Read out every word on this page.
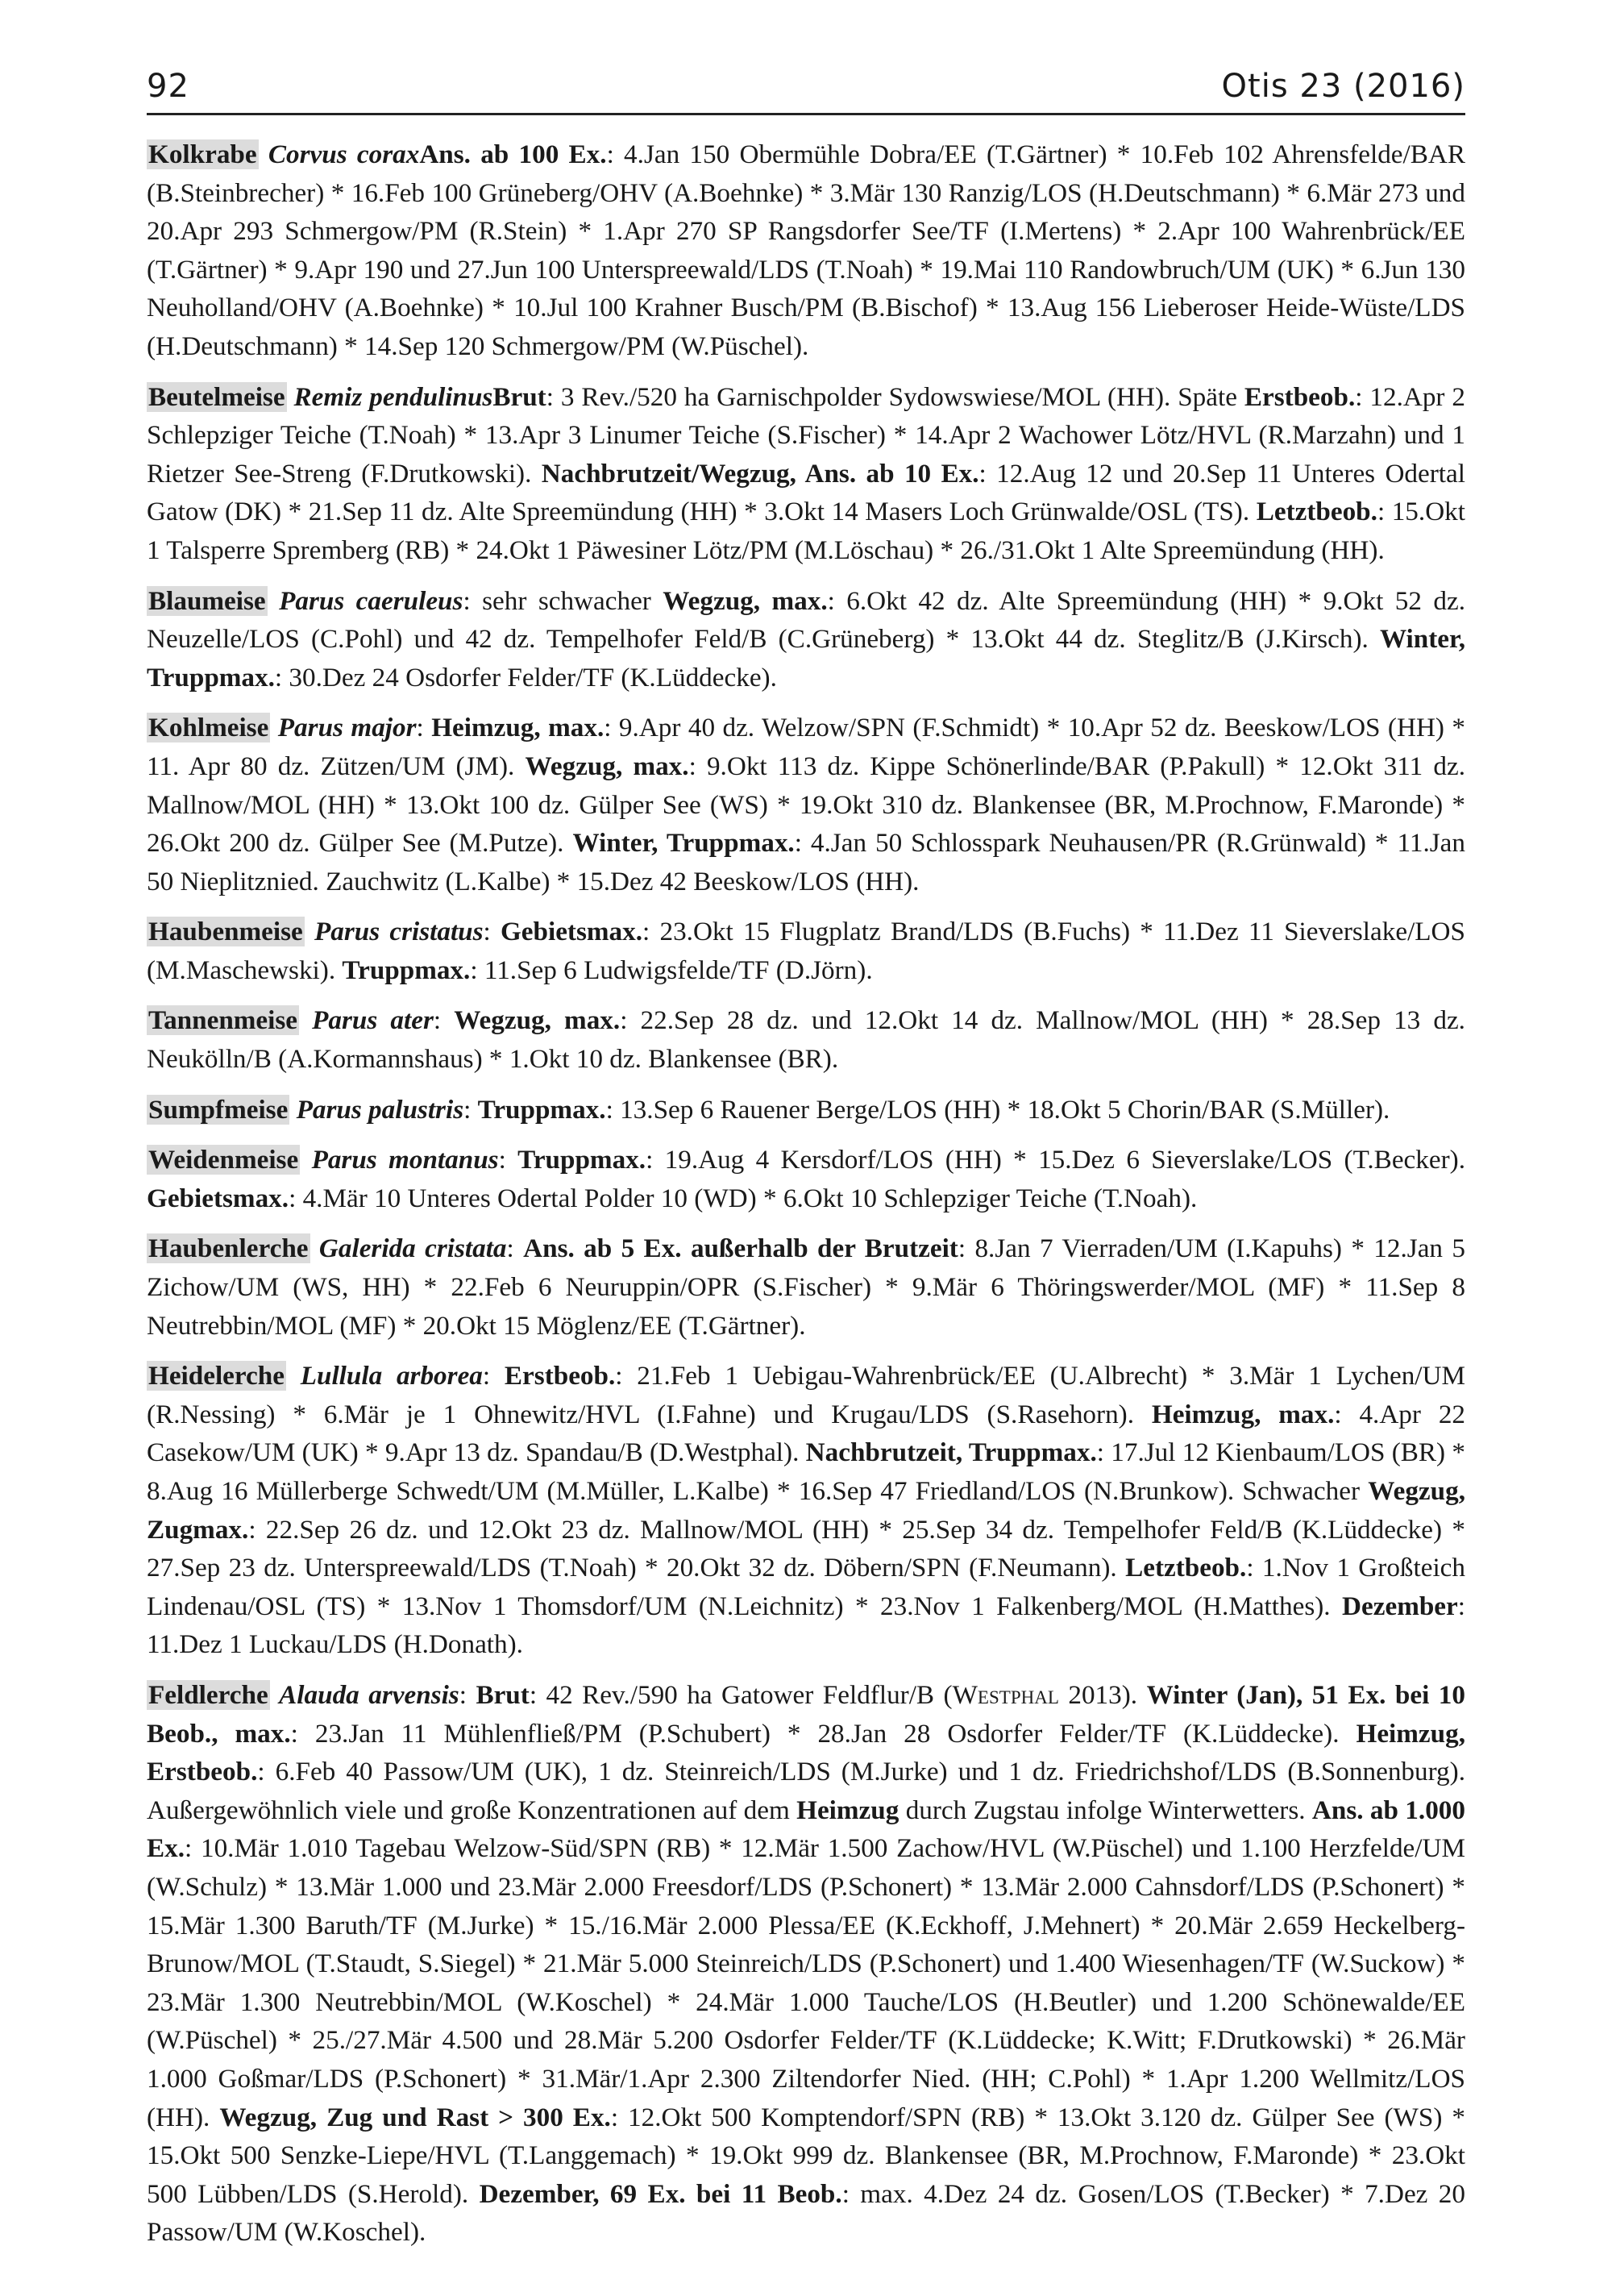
92	Otis 23 (2016)

Kolkrabe Corvus coraxAns. ab 100 Ex.: 4.Jan 150 Obermühle Dobra/EE (T.Gärtner) * 10.Feb 102 Ahrensfelde/BAR (B.Steinbrecher) * 16.Feb 100 Grüneberg/OHV (A.Boehnke) * 3.Mär 130 Ranzig/LOS (H.Deutschmann) * 6.Mär 273 und 20.Apr 293 Schmergow/PM (R.Stein) * 1.Apr 270 SP Rangsdorfer See/TF (I.Mertens) * 2.Apr 100 Wahrenbrück/EE (T.Gärtner) * 9.Apr 190 und 27.Jun 100 Unterspreewald/LDS (T.Noah) * 19.Mai 110 Randowbruch/UM (UK) * 6.Jun 130 Neuholland/OHV (A.Boehnke) * 10.Jul 100 Krahner Busch/PM (B.Bischof) * 13.Aug 156 Lieberoser Heide-Wüste/LDS (H.Deutschmann) * 14.Sep 120 Schmergow/PM (W.Püschel).

Beutelmeise Remiz pendulinusBrut: 3 Rev./520 ha Garnischpolder Sydowswiese/MOL (HH). Späte Erstbeob.: 12.Apr 2 Schlepziger Teiche (T.Noah) * 13.Apr 3 Linumer Teiche (S.Fischer) * 14.Apr 2 Wachower Lötz/HVL (R.Marzahn) und 1 Rietzer See-Streng (F.Drutkowski). Nachbrutzeit/Wegzug, Ans. ab 10 Ex.: 12.Aug 12 und 20.Sep 11 Unteres Odertal Gatow (DK) * 21.Sep 11 dz. Alte Spreemündung (HH) * 3.Okt 14 Masers Loch Grünwalde/OSL (TS). Letztbeob.: 15.Okt 1 Talsperre Spremberg (RB) * 24.Okt 1 Päwesiner Lötz/PM (M.Löschau) * 26./31.Okt 1 Alte Spreemündung (HH).

Blaumeise Parus caeruleus: sehr schwacher Wegzug, max.: 6.Okt 42 dz. Alte Spreemündung (HH) * 9.Okt 52 dz. Neuzelle/LOS (C.Pohl) und 42 dz. Tempelhofer Feld/B (C.Grüneberg) * 13.Okt 44 dz. Steglitz/B (J.Kirsch). Winter, Truppmax.: 30.Dez 24 Osdorfer Felder/TF (K.Lüddecke).

Kohlmeise Parus major: Heimzug, max.: 9.Apr 40 dz. Welzow/SPN (F.Schmidt) * 10.Apr 52 dz. Beeskow/LOS (HH) * 11. Apr 80 dz. Zützen/UM (JM). Wegzug, max.: 9.Okt 113 dz. Kippe Schönerlinde/BAR (P.Pakull) * 12.Okt 311 dz. Mallnow/MOL (HH) * 13.Okt 100 dz. Gülper See (WS) * 19.Okt 310 dz. Blankensee (BR, M.Prochnow, F.Maronde) * 26.Okt 200 dz. Gülper See (M.Putze). Winter, Truppmax.: 4.Jan 50 Schlosspark Neuhausen/PR (R.Grünwald) * 11.Jan 50 Nieplitznied. Zauchwitz (L.Kalbe) * 15.Dez 42 Beeskow/LOS (HH).

Haubenmeise Parus cristatus: Gebietsmax.: 23.Okt 15 Flugplatz Brand/LDS (B.Fuchs) * 11.Dez 11 Sieverslake/LOS (M.Maschewski). Truppmax.: 11.Sep 6 Ludwigsfelde/TF (D.Jörn).

Tannenmeise Parus ater: Wegzug, max.: 22.Sep 28 dz. und 12.Okt 14 dz. Mallnow/MOL (HH) * 28.Sep 13 dz. Neukölln/B (A.Kormannshaus) * 1.Okt 10 dz. Blankensee (BR).

Sumpfmeise Parus palustris: Truppmax.: 13.Sep 6 Rauener Berge/LOS (HH) * 18.Okt 5 Chorin/BAR (S.Müller).

Weidenmeise Parus montanus: Truppmax.: 19.Aug 4 Kersdorf/LOS (HH) * 15.Dez 6 Sieverslake/LOS (T.Becker). Gebietsmax.: 4.Mär 10 Unteres Odertal Polder 10 (WD) * 6.Okt 10 Schlepziger Teiche (T.Noah).

Haubenlerche Galerida cristata: Ans. ab 5 Ex. außerhalb der Brutzeit: 8.Jan 7 Vierraden/UM (I.Kapuhs) * 12.Jan 5 Zichow/UM (WS, HH) * 22.Feb 6 Neuruppin/OPR (S.Fischer) * 9.Mär 6 Thöringswerder/MOL (MF) * 11.Sep 8 Neutrebbin/MOL (MF) * 20.Okt 15 Möglenz/EE (T.Gärtner).

Heidelerche Lullula arborea: Erstbeob.: 21.Feb 1 Uebigau-Wahrenbrück/EE (U.Albrecht) * 3.Mär 1 Lychen/UM (R.Nessing) * 6.Mär je 1 Ohnewitz/HVL (I.Fahne) und Krugau/LDS (S.Rasehorn). Heimzug, max.: 4.Apr 22 Casekow/UM (UK) * 9.Apr 13 dz. Spandau/B (D.Westphal). Nachbrutzeit, Truppmax.: 17.Jul 12 Kienbaum/LOS (BR) * 8.Aug 16 Müllerberge Schwedt/UM (M.Müller, L.Kalbe) * 16.Sep 47 Friedland/LOS (N.Brunkow). Schwacher Wegzug, Zugmax.: 22.Sep 26 dz. und 12.Okt 23 dz. Mallnow/MOL (HH) * 25.Sep 34 dz. Tempelhofer Feld/B (K.Lüddecke) * 27.Sep 23 dz. Unterspreewald/LDS (T.Noah) * 20.Okt 32 dz. Döbern/SPN (F.Neumann). Letztbeob.: 1.Nov 1 Großteich Lindenau/OSL (TS) * 13.Nov 1 Thomsdorf/UM (N.Leichnitz) * 23.Nov 1 Falkenberg/MOL (H.Matthes). Dezember: 11.Dez 1 Luckau/LDS (H.Donath).

Feldlerche Alauda arvensis: Brut: 42 Rev./590 ha Gatower Feldflur/B (Westphal 2013). Winter (Jan), 51 Ex. bei 10 Beob., max.: 23.Jan 11 Mühlenfließ/PM (P.Schubert) * 28.Jan 28 Osdorfer Felder/TF (K.Lüddecke). Heimzug, Erstbeob.: 6.Feb 40 Passow/UM (UK), 1 dz. Steinreich/LDS (M.Jurke) und 1 dz. Friedrichshof/LDS (B.Sonnenburg). Außergewöhnlich viele und große Konzentrationen auf dem Heimzug durch Zugstau infolge Winterwetters. Ans. ab 1.000 Ex.: 10.Mär 1.010 Tagebau Welzow-Süd/SPN (RB) * 12.Mär 1.500 Zachow/HVL (W.Püschel) und 1.100 Herzfelde/UM (W.Schulz) * 13.Mär 1.000 und 23.Mär 2.000 Freesdorf/LDS (P.Schonert) * 13.Mär 2.000 Cahnsdorf/LDS (P.Schonert) * 15.Mär 1.300 Baruth/TF (M.Jurke) * 15./16.Mär 2.000 Plessa/EE (K.Eckhoff, J.Mehnert) * 20.Mär 2.659 Heckelberg-Brunow/MOL (T.Staudt, S.Siegel) * 21.Mär 5.000 Steinreich/LDS (P.Schonert) und 1.400 Wiesenhagen/TF (W.Suckow) * 23.Mär 1.300 Neutrebbin/MOL (W.Koschel) * 24.Mär 1.000 Tauche/LOS (H.Beutler) und 1.200 Schönewalde/EE (W.Püschel) * 25./27.Mär 4.500 und 28.Mär 5.200 Osdorfer Felder/TF (K.Lüddecke; K.Witt; F.Drutkowski) * 26.Mär 1.000 Goßmar/LDS (P.Schonert) * 31.Mär/1.Apr 2.300 Ziltendorfer Nied. (HH; C.Pohl) * 1.Apr 1.200 Wellmitz/LOS (HH). Wegzug, Zug und Rast > 300 Ex.: 12.Okt 500 Komptendorf/SPN (RB) * 13.Okt 3.120 dz. Gülper See (WS) * 15.Okt 500 Senzke-Liepe/HVL (T.Langgemach) * 19.Okt 999 dz. Blankensee (BR, M.Prochnow, F.Maronde) * 23.Okt 500 Lübben/LDS (S.Herold). Dezember, 69 Ex. bei 11 Beob.: max. 4.Dez 24 dz. Gosen/LOS (T.Becker) * 7.Dez 20 Passow/UM (W.Koschel).
